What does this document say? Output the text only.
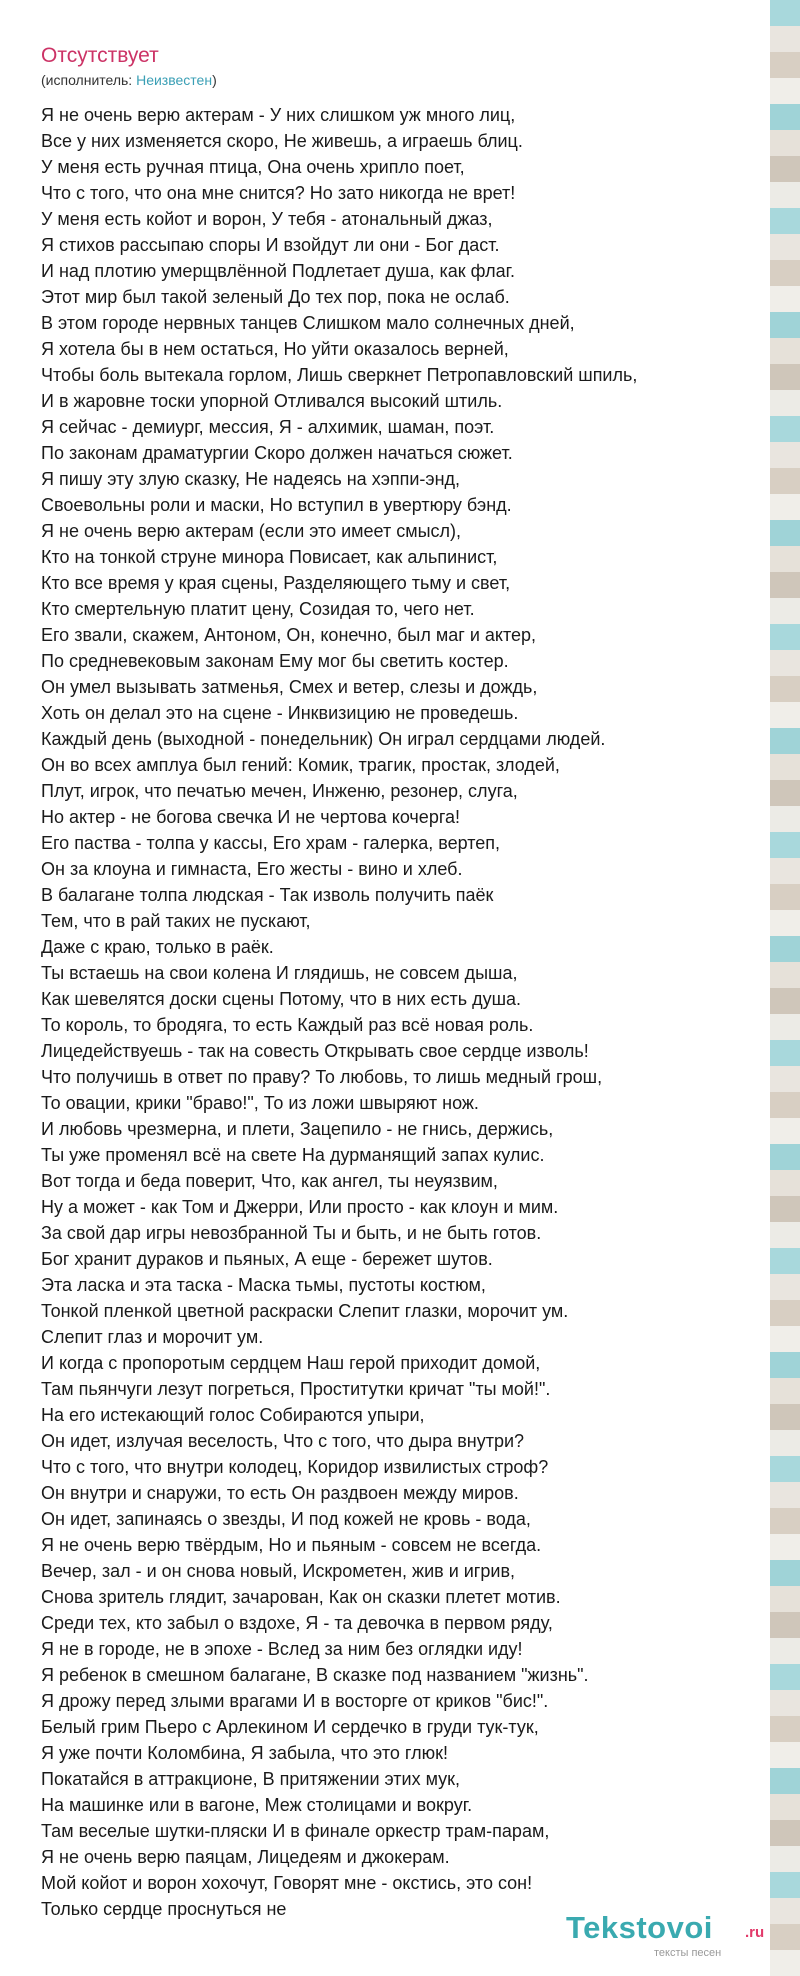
Отсутствует
(исполнитель: Неизвестен)
Я не очень верю актерам - У них слишком уж много лиц,
Все у них изменяется скоро, Не живешь, а играешь блиц.
У меня есть ручная птица, Она очень хрипло поет,
Что с того, что она мне снится? Но зато никогда не врет!
У меня есть койот и ворон, У тебя - атональный джаз,
Я стихов рассыпаю споры И взойдут ли они - Бог даст.
И над плотию умерщвлённой Подлетает душа, как флаг.
Этот мир был такой зеленый До тех пор, пока не ослаб.
В этом городе нервных танцев Слишком мало солнечных дней,
Я хотела бы в нем остаться, Но уйти оказалось верней,
Чтобы боль вытекала горлом, Лишь сверкнет Петропавловский шпиль,
И в жаровне тоски упорной Отливался высокий штиль.
Я сейчас - демиург, мессия, Я - алхимик, шаман, поэт.
По законам драматургии Скоро должен начаться сюжет.
Я пишу эту злую сказку, Не надеясь на хэппи-энд,
Своевольны роли и маски, Но вступил в увертюру бэнд.
Я не очень верю актерам (если это имеет смысл),
Кто на тонкой струне минора Повисает, как альпинист,
Кто все время у края сцены, Разделяющего тьму и свет,
Кто смертельную платит цену, Созидая то, чего нет.
Его звали, скажем, Антоном, Он, конечно, был маг и актер,
По средневековым законам Ему мог бы светить костер.
Он умел вызывать затменья, Смех и ветер, слезы и дождь,
Хоть он делал это на сцене - Инквизицию не проведешь.
Каждый день (выходной - понедельник) Он играл сердцами людей.
Он во всех амплуа был гений: Комик, трагик, простак, злодей,
Плут, игрок, что печатью мечен, Инженю, резонер, слуга,
Но актер - не богова свечка И не чертова кочерга!
Его паства - толпа у кассы, Его храм - галерка, вертеп,
Он за клоуна и гимнаста, Его жесты - вино и хлеб.
В балагане толпа людская - Так изволь получить паёк
Тем, что в рай таких не пускают,
Даже с краю, только в раёк.
Ты встаешь на свои колена И глядишь, не совсем дыша,
Как шевелятся доски сцены Потому, что в них есть душа.
То король, то бродяга, то есть Каждый раз всё новая роль.
Лицедействуешь - так на совесть Открывать свое сердце изволь!
Что получишь в ответ по праву? То любовь, то лишь медный грош,
То овации, крики "браво!", То из ложи швыряют нож.
И любовь чрезмерна, и плети, Зацепило - не гнись, держись,
Ты уже променял всё на свете На дурманящий запах кулис.
Вот тогда и беда поверит, Что, как ангел, ты неуязвим,
Ну а может - как Том и Джерри, Или просто - как клоун и мим.
За свой дар игры невозбранной Ты и быть, и не быть готов.
Бог хранит дураков и пьяных, А еще - бережет шутов.
Эта ласка и эта таска - Маска тьмы, пустоты костюм,
Тонкой пленкой цветной раскраски Слепит глазки, морочит ум.
Слепит глаз и морочит ум.
И когда с пропоротым сердцем Наш герой приходит домой,
Там пьянчуги лезут погреться, Проститутки кричат "ты мой!".
На его истекающий голос Собираются упыри,
Он идет, излучая веселость, Что с того, что дыра внутри?
Что с того, что внутри колодец, Коридор извилистых строф?
Он внутри и снаружи, то есть Он раздвоен между миров.
Он идет, запинаясь о звезды, И под кожей не кровь - вода,
Я не очень верю твёрдым, Но и пьяным - совсем не всегда.
Вечер, зал - и он снова новый, Искрометен, жив и игрив,
Снова зритель глядит, зачарован, Как он сказки плетет мотив.
Среди тех, кто забыл о вздохе, Я - та девочка в первом ряду,
Я не в городе, не в эпохе - Вслед за ним без оглядки иду!
Я ребенок в смешном балагане, В сказке под названием "жизнь".
Я дрожу перед злыми врагами И в восторге от криков "бис!".
Белый грим Пьеро с Арлекином И сердечко в груди тук-тук,
Я уже почти Коломбина, Я забыла, что это глюк!
Покатайся в аттракционе, В притяжении этих мук,
На машинке или в вагоне, Меж столицами и вокруг.
Там веселые шутки-пляски И в финале оркестр трам-парам,
Я не очень верю паяцам, Лицедеям и джокерам.
Мой койот и ворон хохочут, Говорят мне - окстись, это сон!
Только сердце проснуться не
Tekstovoi .ru
тексты песен
